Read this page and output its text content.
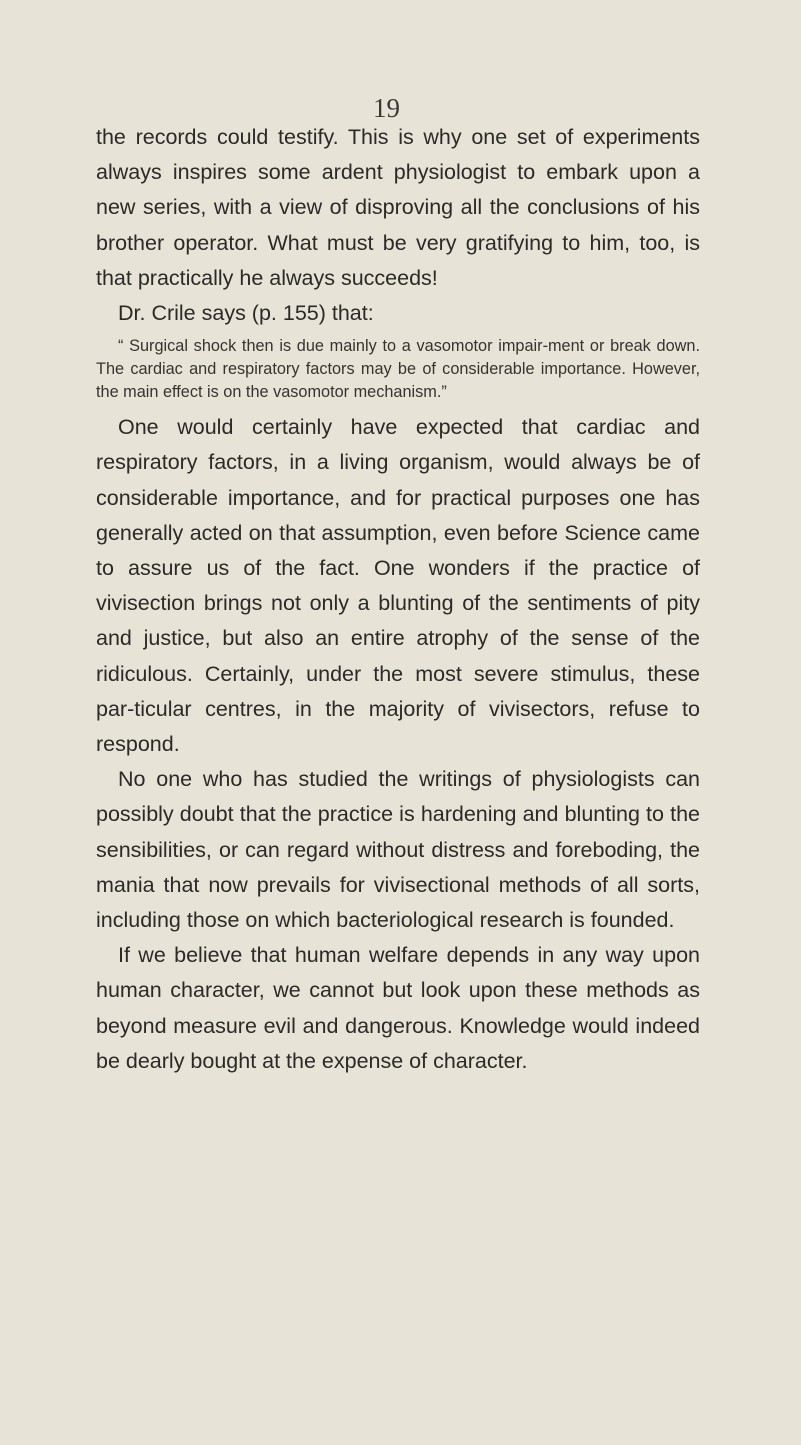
19

the records could testify. This is why one set of experiments always inspires some ardent physiologist to embark upon a new series, with a view of disproving all the conclusions of his brother operator. What must be very gratifying to him, too, is that practically he always succeeds!

Dr. Crile says (p. 155) that:

“ Surgical shock then is due mainly to a vasomotor impair-ment or break down. The cardiac and respiratory factors may be of considerable importance. However, the main effect is on the vasomotor mechanism.”

One would certainly have expected that cardiac and respiratory factors, in a living organism, would always be of considerable importance, and for practical purposes one has generally acted on that assumption, even before Science came to assure us of the fact. One wonders if the practice of vivisection brings not only a blunting of the sentiments of pity and justice, but also an entire atrophy of the sense of the ridiculous. Certainly, under the most severe stimulus, these par-ticular centres, in the majority of vivisectors, refuse to respond.

No one who has studied the writings of physiologists can possibly doubt that the practice is hardening and blunting to the sensibilities, or can regard without distress and foreboding, the mania that now prevails for vivisectional methods of all sorts, including those on which bacteriological research is founded.

If we believe that human welfare depends in any way upon human character, we cannot but look upon these methods as beyond measure evil and dangerous. Knowledge would indeed be dearly bought at the expense of character.
